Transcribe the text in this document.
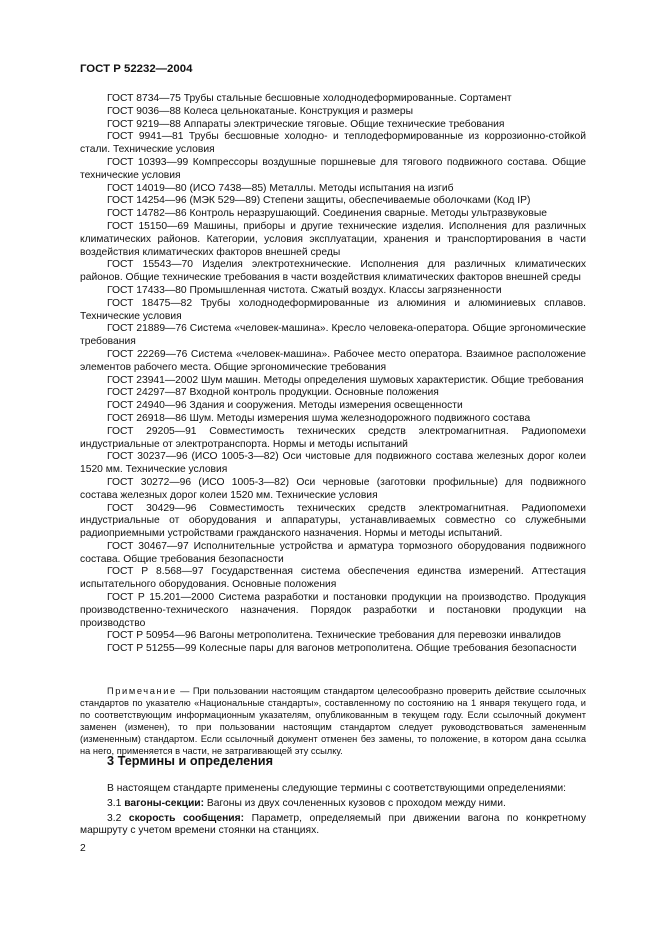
ГОСТ Р 52232—2004

ГОСТ 8734—75 Трубы стальные бесшовные холоднодеформированные. Сортамент

ГОСТ 9036—88 Колеса цельнокатаные. Конструкция и размеры

ГОСТ 9219—88 Аппараты электрические тяговые. Общие технические требования

ГОСТ 9941—81 Трубы бесшовные холодно- и теплодеформированные из коррозионно-стойкой стали. Технические условия

ГОСТ 10393—99 Компрессоры воздушные поршневые для тягового подвижного состава. Общие технические условия

ГОСТ 14019—80 (ИСО 7438—85) Металлы. Методы испытания на изгиб

ГОСТ 14254—96 (МЭК 529—89) Степени защиты, обеспечиваемые оболочками (Код IP)

ГОСТ 14782—86 Контроль неразрушающий. Соединения сварные. Методы ультразвуковые

ГОСТ 15150—69 Машины, приборы и другие технические изделия. Исполнения для различных климатических районов. Категории, условия эксплуатации, хранения и транспортирования в части воздействия климатических факторов внешней среды

ГОСТ 15543—70 Изделия электротехнические. Исполнения для различных климатических районов. Общие технические требования в части воздействия климатических факторов внешней среды

ГОСТ 17433—80 Промышленная чистота. Сжатый воздух. Классы загрязненности

ГОСТ 18475—82 Трубы холоднодеформированные из алюминия и алюминиевых сплавов. Технические условия

ГОСТ 21889—76 Система «человек-машина». Кресло человека-оператора. Общие эргономические требования

ГОСТ 22269—76 Система «человек-машина». Рабочее место оператора. Взаимное расположение элементов рабочего места. Общие эргономические требования

ГОСТ 23941—2002 Шум машин. Методы определения шумовых характеристик. Общие требования

ГОСТ 24297—87 Входной контроль продукции. Основные положения

ГОСТ 24940—96 Здания и сооружения. Методы измерения освещенности

ГОСТ 26918—86 Шум. Методы измерения шума железнодорожного подвижного состава

ГОСТ 29205—91 Совместимость технических средств электромагнитная. Радиопомехи индустриальные от электротранспорта. Нормы и методы испытаний

ГОСТ 30237—96 (ИСО 1005-3—82) Оси чистовые для подвижного состава железных дорог колеи 1520 мм. Технические условия

ГОСТ 30272—96 (ИСО 1005-3—82) Оси черновые (заготовки профильные) для подвижного состава железных дорог колеи 1520 мм. Технические условия

ГОСТ 30429—96 Совместимость технических средств электромагнитная. Радиопомехи индустриальные от оборудования и аппаратуры, устанавливаемых совместно со служебными радиоприемными устройствами гражданского назначения. Нормы и методы испытаний.

ГОСТ 30467—97 Исполнительные устройства и арматура тормозного оборудования подвижного состава. Общие требования безопасности

ГОСТ Р 8.568—97 Государственная система обеспечения единства измерений. Аттестация испытательного оборудования. Основные положения

ГОСТ Р 15.201—2000 Система разработки и постановки продукции на производство. Продукция производственно-технического назначения. Порядок разработки и постановки продукции на производство

ГОСТ Р 50954—96 Вагоны метрополитена. Технические требования для перевозки инвалидов

ГОСТ Р 51255—99 Колесные пары для вагонов метрополитена. Общие требования безопасности

Примечание — При пользовании настоящим стандартом целесообразно проверить действие ссылочных стандартов по указателю «Национальные стандарты», составленному по состоянию на 1 января текущего года, и по соответствующим информационным указателям, опубликованным в текущем году. Если ссылочный документ заменен (изменен), то при пользовании настоящим стандартом следует руководствоваться замененным (измененным) стандартом. Если ссылочный документ отменен без замены, то положение, в котором дана ссылка на него, применяется в части, не затрагивающей эту ссылку.

3 Термины и определения

В настоящем стандарте применены следующие термины с соответствующими определениями:

3.1 вагоны-секции: Вагоны из двух сочлененных кузовов с проходом между ними.

3.2 скорость сообщения: Параметр, определяемый при движении вагона по конкретному маршруту с учетом времени стоянки на станциях.

2
